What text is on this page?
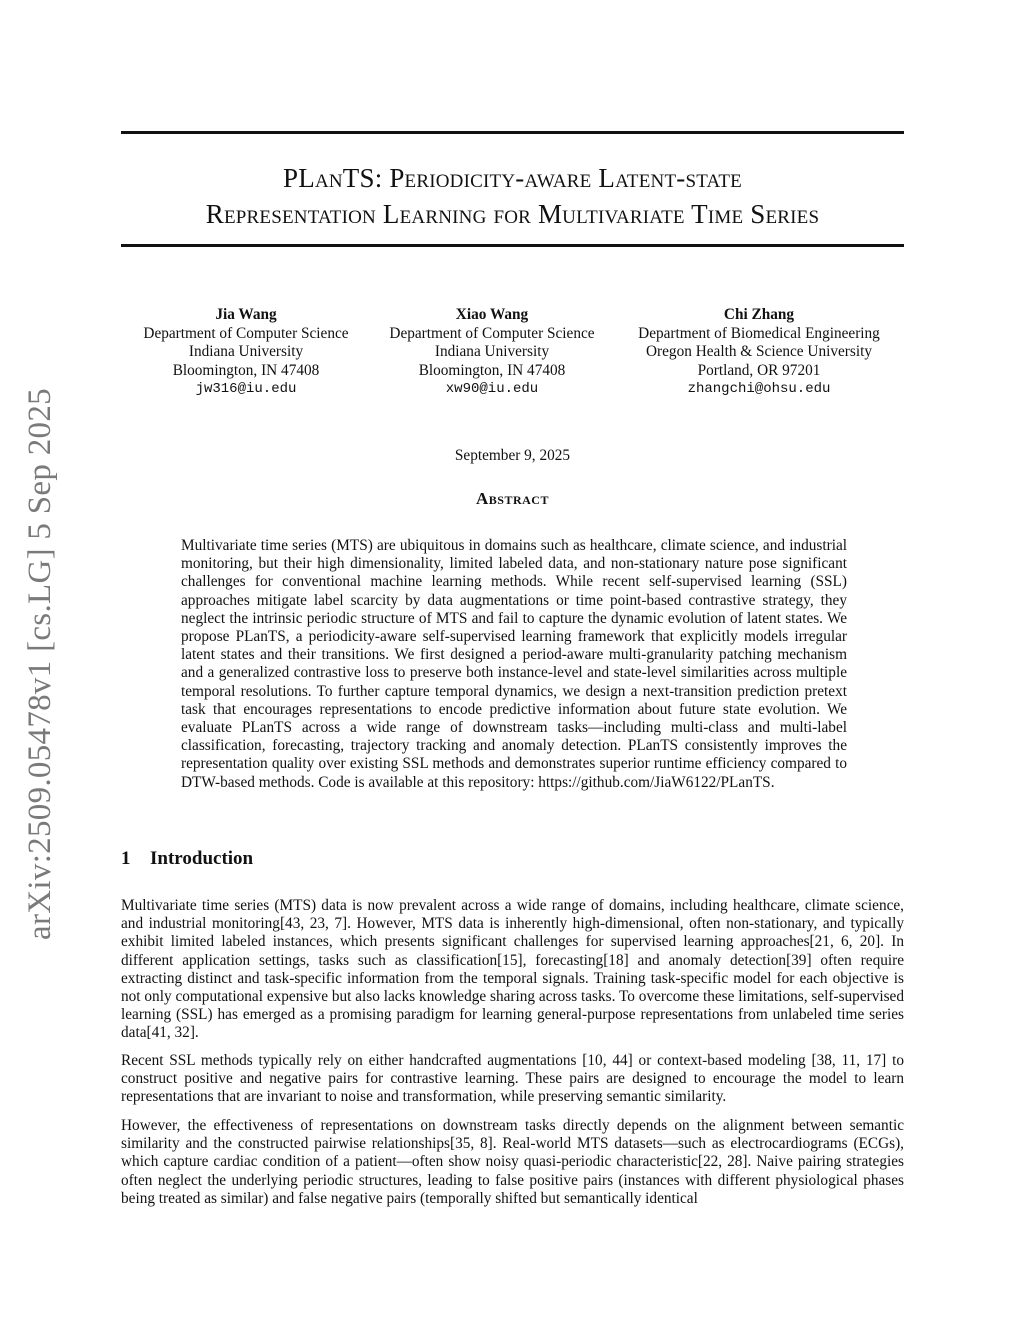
arXiv:2509.05478v1 [cs.LG] 5 Sep 2025
PLanTS: Periodicity-aware Latent-state
Representation Learning for Multivariate Time Series
Jia Wang
Department of Computer Science
Indiana University
Bloomington, IN 47408
jw316@iu.edu
Xiao Wang
Department of Computer Science
Indiana University
Bloomington, IN 47408
xw90@iu.edu
Chi Zhang
Department of Biomedical Engineering
Oregon Health & Science University
Portland, OR 97201
zhangchi@ohsu.edu
September 9, 2025
Abstract
Multivariate time series (MTS) are ubiquitous in domains such as healthcare, climate science, and industrial monitoring, but their high dimensionality, limited labeled data, and non-stationary nature pose significant challenges for conventional machine learning methods. While recent self-supervised learning (SSL) approaches mitigate label scarcity by data augmentations or time point-based contrastive strategy, they neglect the intrinsic periodic structure of MTS and fail to capture the dynamic evolution of latent states. We propose PLanTS, a periodicity-aware self-supervised learning framework that explicitly models irregular latent states and their transitions. We first designed a period-aware multi-granularity patching mechanism and a generalized contrastive loss to preserve both instance-level and state-level similarities across multiple temporal resolutions. To further capture temporal dynamics, we design a next-transition prediction pretext task that encourages representations to encode predictive information about future state evolution. We evaluate PLanTS across a wide range of downstream tasks—including multi-class and multi-label classification, forecasting, trajectory tracking and anomaly detection. PLanTS consistently improves the representation quality over existing SSL methods and demonstrates superior runtime efficiency compared to DTW-based methods. Code is available at this repository: https://github.com/JiaW6122/PLanTS.
1 Introduction
Multivariate time series (MTS) data is now prevalent across a wide range of domains, including healthcare, climate science, and industrial monitoring[43, 23, 7]. However, MTS data is inherently high-dimensional, often non-stationary, and typically exhibit limited labeled instances, which presents significant challenges for supervised learning approaches[21, 6, 20]. In different application settings, tasks such as classification[15], forecasting[18] and anomaly detection[39] often require extracting distinct and task-specific information from the temporal signals. Training task-specific model for each objective is not only computational expensive but also lacks knowledge sharing across tasks. To overcome these limitations, self-supervised learning (SSL) has emerged as a promising paradigm for learning general-purpose representations from unlabeled time series data[41, 32].
Recent SSL methods typically rely on either handcrafted augmentations [10, 44] or context-based modeling [38, 11, 17] to construct positive and negative pairs for contrastive learning. These pairs are designed to encourage the model to learn representations that are invariant to noise and transformation, while preserving semantic similarity.
However, the effectiveness of representations on downstream tasks directly depends on the alignment between semantic similarity and the constructed pairwise relationships[35, 8]. Real-world MTS datasets—such as electrocardiograms (ECGs), which capture cardiac condition of a patient—often show noisy quasi-periodic characteristic[22, 28]. Naive pairing strategies often neglect the underlying periodic structures, leading to false positive pairs (instances with different physiological phases being treated as similar) and false negative pairs (temporally shifted but semantically identical
